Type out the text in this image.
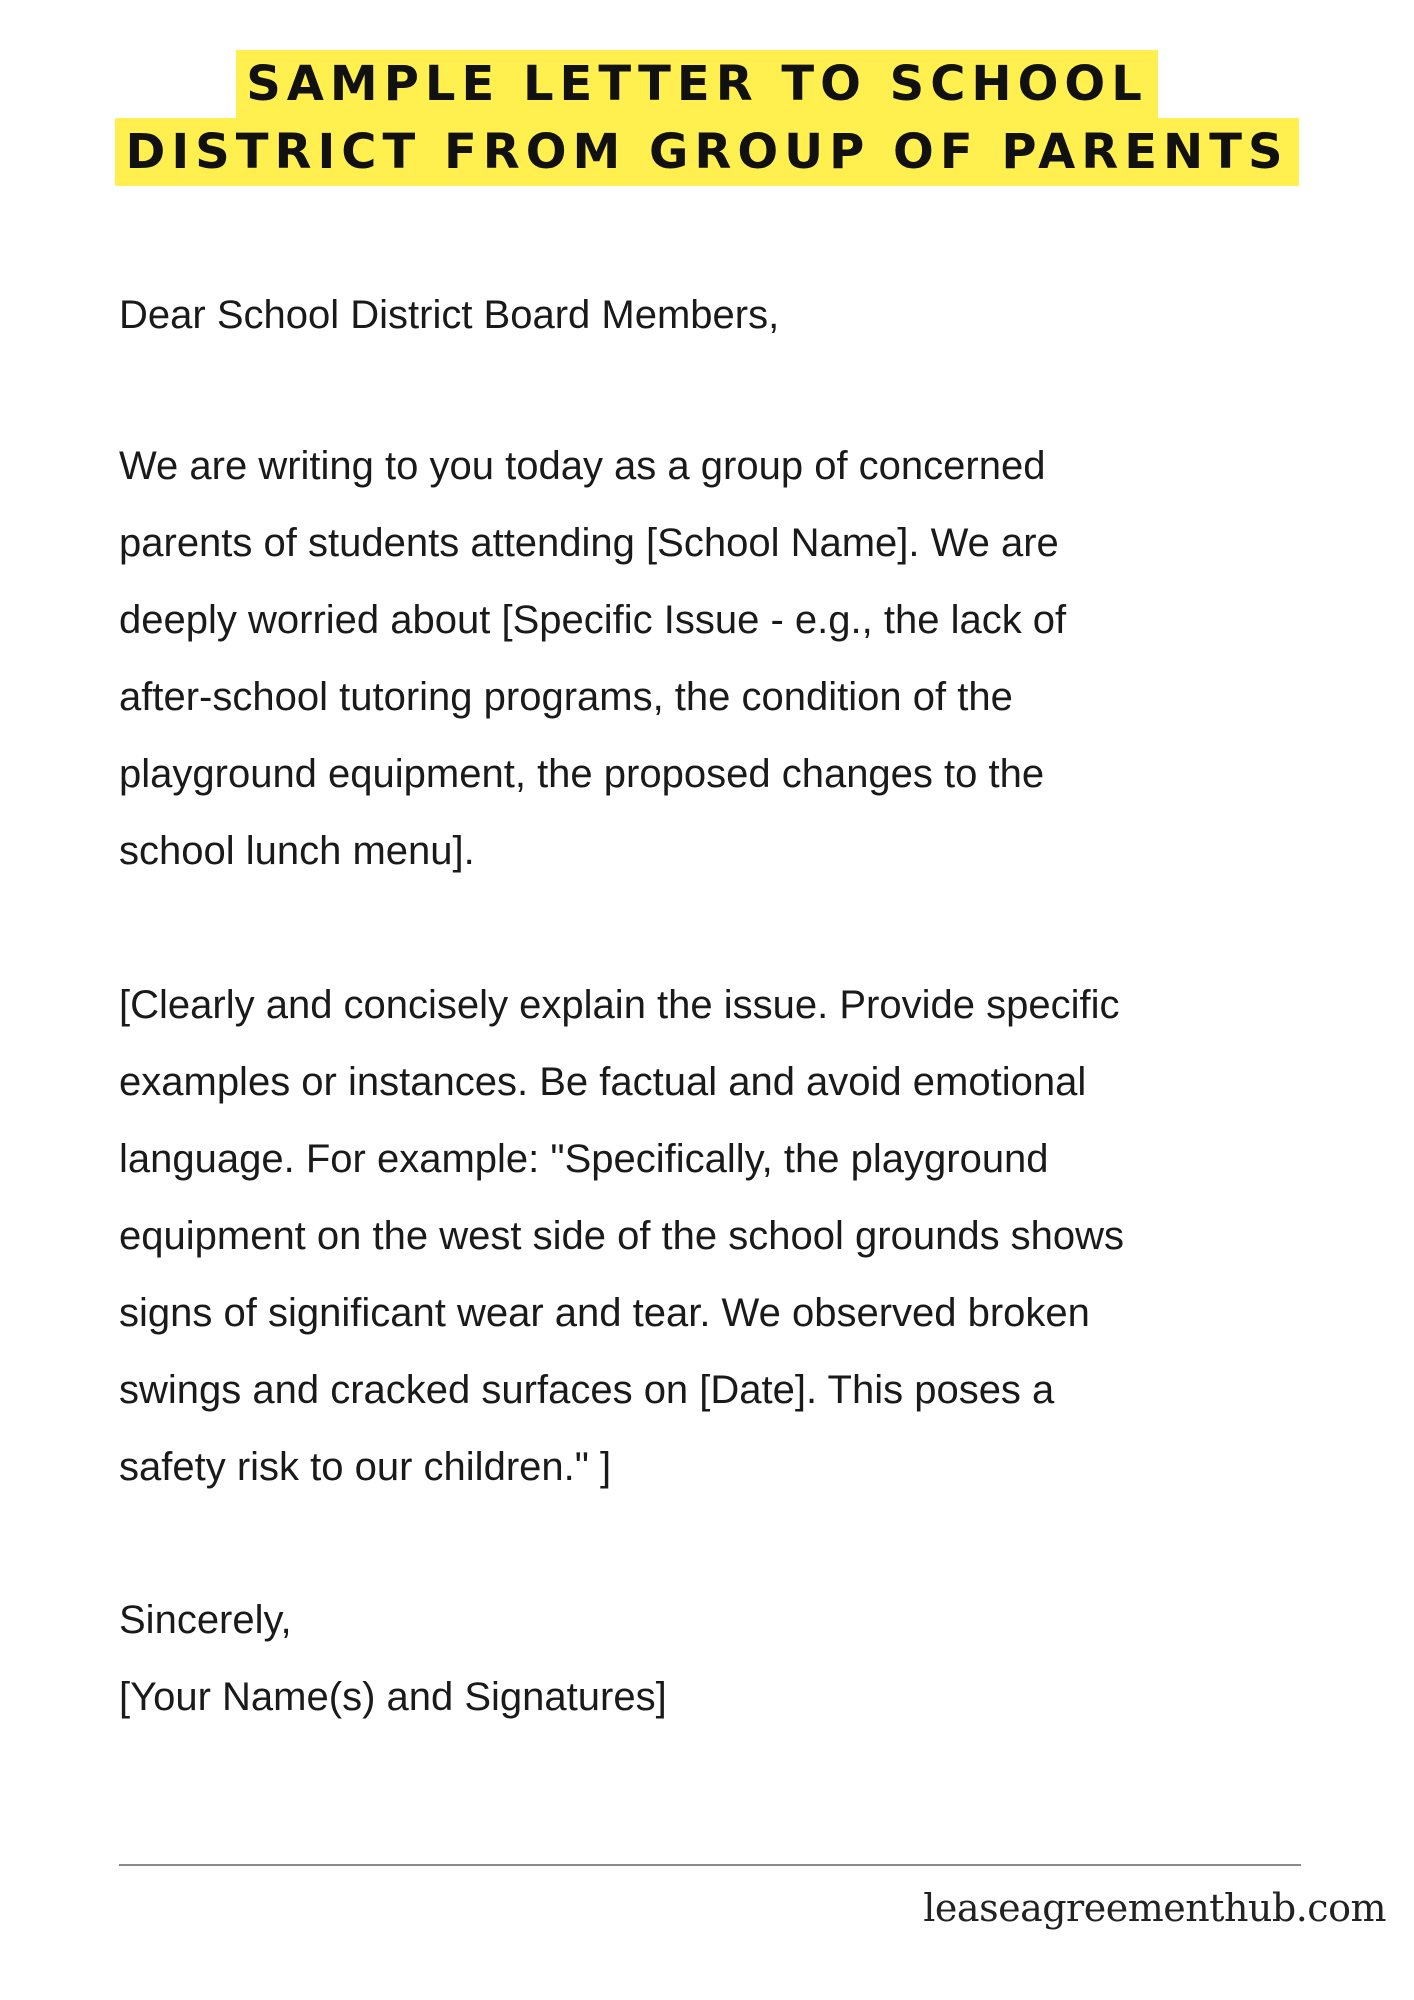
SAMPLE LETTER TO SCHOOL
DISTRICT FROM GROUP OF PARENTS

Dear School District Board Members,

We are writing to you today as a group of concerned

parents of students attending [School Name]. We are

deeply worried about [Specific Issue - e.g., the lack of

after-school tutoring programs, the condition of the

playground equipment, the proposed changes to the

school lunch menu].

[Clearly and concisely explain the issue. Provide specific

examples or instances. Be factual and avoid emotional

language. For example: "Specifically, the playground

equipment on the west side of the school grounds shows

signs of significant wear and tear. We observed broken

swings and cracked surfaces on [Date]. This poses a

safety risk to our children." ]

Sincerely,

[Your Name(s) and Signatures]

leaseagreementhub.com
